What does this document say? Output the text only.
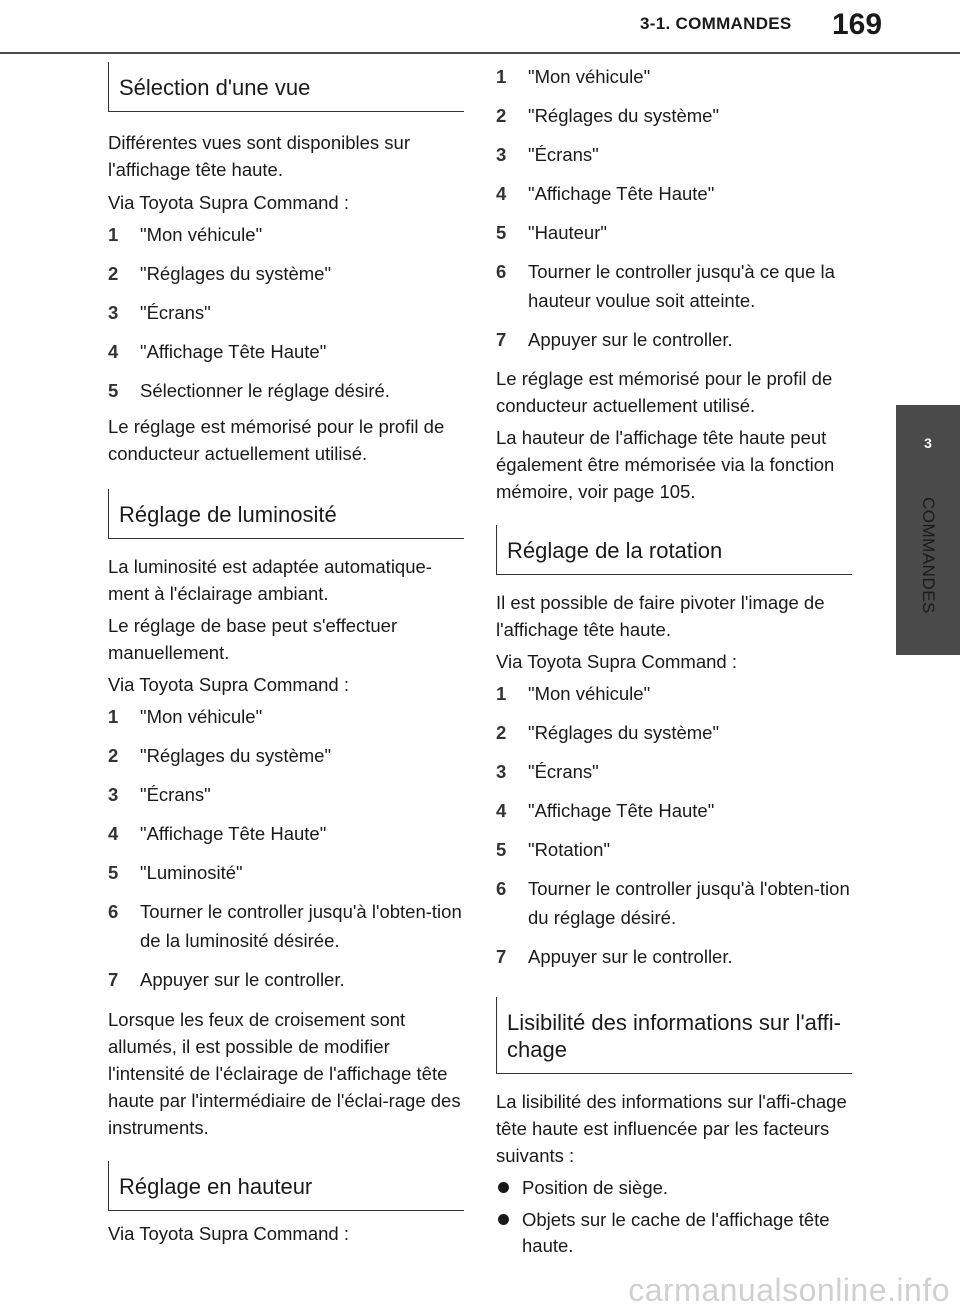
3-1. COMMANDES 169
3
COMMANDES
Sélection d'une vue

Différentes vues sont disponibles sur l'affichage tête haute.

Via Toyota Supra Command :

1 "Mon véhicule"
2 "Réglages du système"
3 "Écrans"
4 "Affichage Tête Haute"
5 Sélectionner le réglage désiré.

Le réglage est mémorisé pour le profil de conducteur actuellement utilisé.

Réglage de luminosité

La luminosité est adaptée automatique-ment à l'éclairage ambiant.

Le réglage de base peut s'effectuer manuellement.

Via Toyota Supra Command :

1 "Mon véhicule"
2 "Réglages du système"
3 "Écrans"
4 "Affichage Tête Haute"
5 "Luminosité"
6 Tourner le controller jusqu'à l'obten-tion de la luminosité désirée.
7 Appuyer sur le controller.

Lorsque les feux de croisement sont allumés, il est possible de modifier l'intensité de l'éclairage de l'affichage tête haute par l'intermédiaire de l'éclai-rage des instruments.

Réglage en hauteur

Via Toyota Supra Command :

1 "Mon véhicule"
2 "Réglages du système"
3 "Écrans"
4 "Affichage Tête Haute"
5 "Hauteur"
6 Tourner le controller jusqu'à ce que la hauteur voulue soit atteinte.
7 Appuyer sur le controller.

Le réglage est mémorisé pour le profil de conducteur actuellement utilisé.

La hauteur de l'affichage tête haute peut également être mémorisée via la fonction mémoire, voir page 105.

Réglage de la rotation

Il est possible de faire pivoter l'image de l'affichage tête haute.

Via Toyota Supra Command :

1 "Mon véhicule"
2 "Réglages du système"
3 "Écrans"
4 "Affichage Tête Haute"
5 "Rotation"
6 Tourner le controller jusqu'à l'obten-tion du réglage désiré.
7 Appuyer sur le controller.
Lisibilité des informations sur l'affi-chage

La lisibilité des informations sur l'affi-chage tête haute est influencée par les facteurs suivants :

Position de siège.
Objets sur le cache de l'affichage tête haute.
carmanualsonline.info
